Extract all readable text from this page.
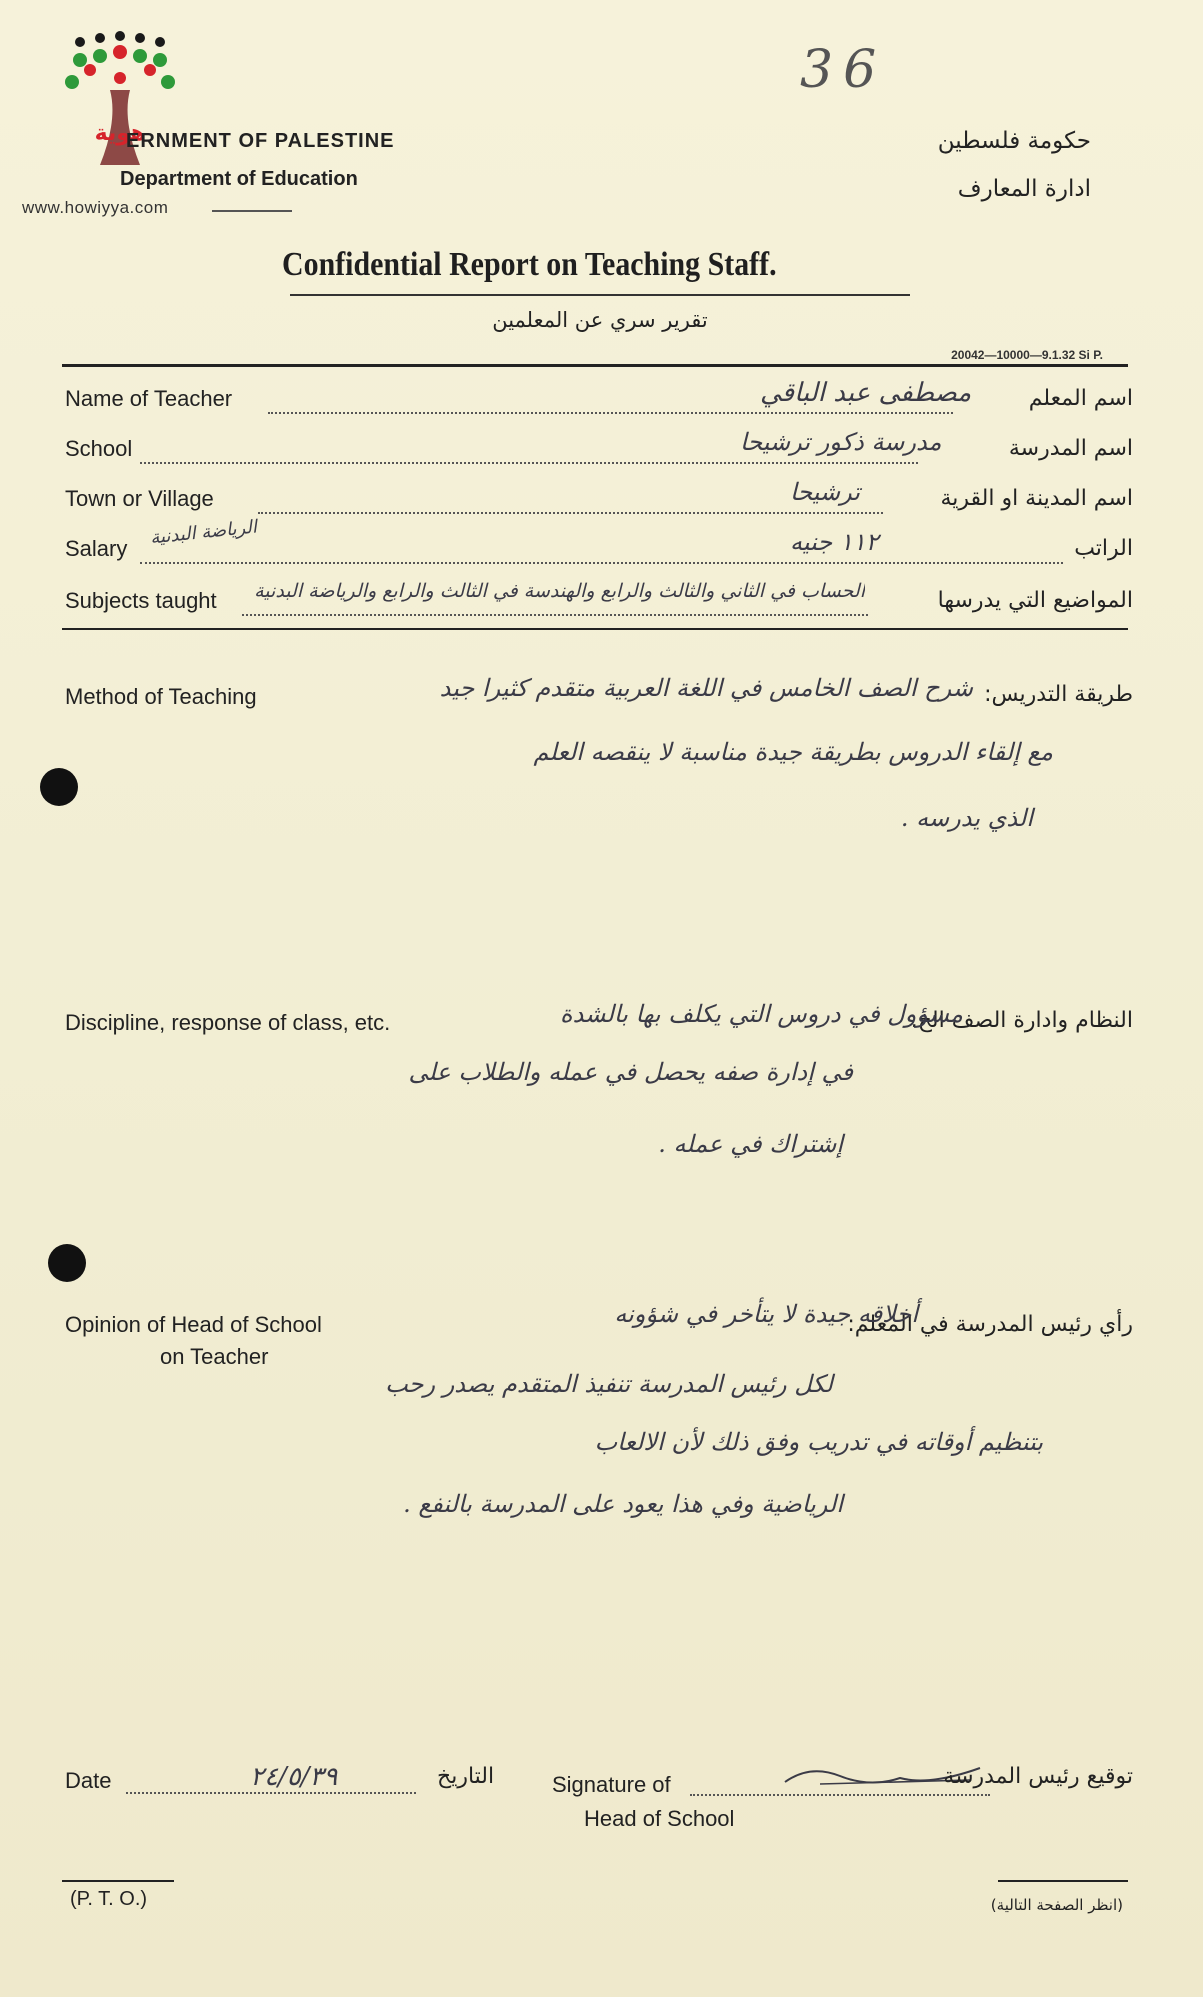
36
هوية
ERNMENT OF PALESTINE
Department of Education
www.howiyya.com
حكومة فلسطين
ادارة المعارف
Confidential Report on Teaching Staff.
تقرير سري عن المعلمين
20042—10000—9.1.32 Si P.
Name of Teacher	مصطفى عبد الباقي	اسم المعلم
School	مدرسة ذكور ترشيحا	اسم المدرسة
Town or Village	ترشيحا	اسم المدينة او القرية
Salary الرياضة البدنية	١١٢ جنيه	الراتب
Subjects taught	الحساب في الثاني والثالث والرابع والهندسة في الثالث والرابع والرياضة البدنية	المواضيع التي يدرسها
Method of Teaching	طريقة التدريس:
شرح الصف الخامس في اللغة العربية متقدم كثيرا جيد
مع إلقاء الدروس بطريقة جيدة مناسبة لا ينقصه العلم
الذي يدرسه .
Discipline, response of class, etc.	النظام وادارة الصف الخ.
مسؤول في دروس التي يكلف بها بالشدة
في إدارة صفه يحصل في عمله والطلاب على
إشتراك في عمله .
Opinion of Head of School
on Teacher
رأي رئيس المدرسة في المعلم:
أخلاقه جيدة لا يتأخر في شؤونه
لكل رئيس المدرسة تنفيذ المتقدم يصدر رحب
بتنظيم أوقاته في تدريب وفق ذلك لأن الالعاب
الرياضية وفي هذا يعود على المدرسة بالنفع .
Date	٢٤/٥/٣٩	التاريخ	Signature of	توقيع رئيس المدرسة
Head of School
(P. T. O.)	(انظر الصفحة التالية)
